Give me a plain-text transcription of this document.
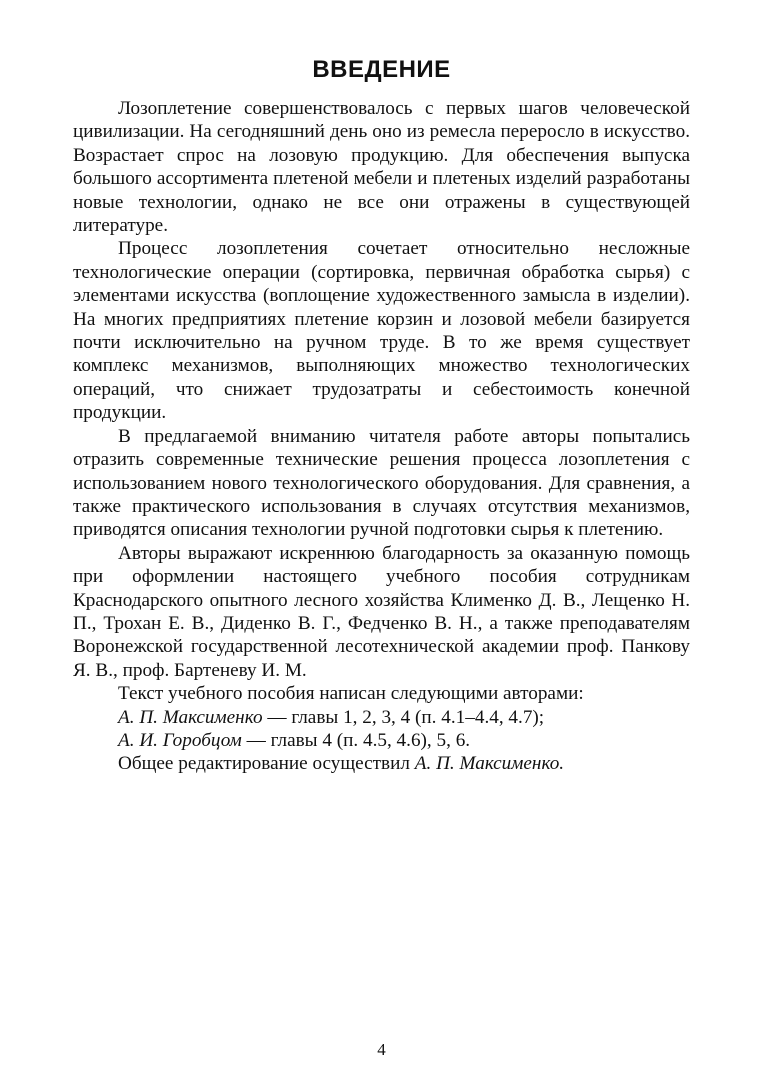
ВВЕДЕНИЕ

Лозоплетение совершенствовалось с первых шагов человеческой цивилизации. На сегодняшний день оно из ремесла переросло в искусство. Возрастает спрос на лозовую продукцию. Для обеспечения выпуска большого ассортимента плетеной мебели и плетеных изделий разработаны новые технологии, однако не все они отражены в существующей литературе.

Процесс лозоплетения сочетает относительно несложные технологические операции (сортировка, первичная обработка сырья) с элементами искусства (воплощение художественного замысла в изделии). На многих предприятиях плетение корзин и лозовой мебели базируется почти исключительно на ручном труде. В то же время существует комплекс механизмов, выполняющих множество технологических операций, что снижает трудозатраты и себестоимость конечной продукции.

В предлагаемой вниманию читателя работе авторы попытались отразить современные технические решения процесса лозоплетения с использованием нового технологического оборудования. Для сравнения, а также практического использования в случаях отсутствия механизмов, приводятся описания технологии ручной подготовки сырья к плетению.

Авторы выражают искреннюю благодарность за оказанную помощь при оформлении настоящего учебного пособия сотрудникам Краснодарского опытного лесного хозяйства Клименко Д. В., Лещенко Н. П., Трохан Е. В., Диденко В. Г., Федченко В. Н., а также преподавателям Воронежской государственной лесотехнической академии проф. Панкову Я. В., проф. Бартеневу И. М.

Текст учебного пособия написан следующими авторами:

А. П. Максименко — главы 1, 2, 3, 4 (п. 4.1–4.4, 4.7);

А. И. Горобцом — главы 4 (п. 4.5, 4.6), 5, 6.

Общее редактирование осуществил А. П. Максименко.

4
